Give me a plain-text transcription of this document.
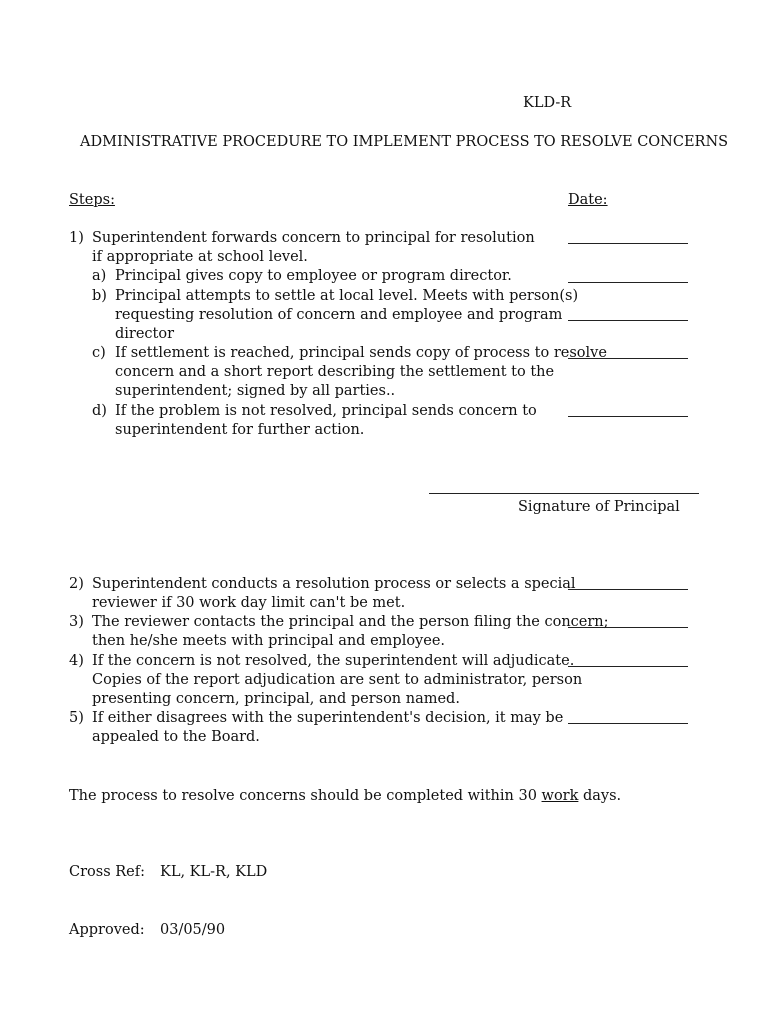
KLD-R

ADMINISTRATIVE PROCEDURE TO IMPLEMENT PROCESS TO RESOLVE CONCERNS

Steps:	Date:

1) Superintendent forwards concern to principal for resolution
if appropriate at school level.
a) Principal gives copy to employee or program director.
b) Principal attempts to settle at local level. Meets with person(s)
requesting resolution of concern and employee and program
director
c) If settlement is reached, principal sends copy of process to resolve
concern and a short report describing the settlement to the
superintendent; signed by all parties..
d) If the problem is not resolved, principal sends concern to
superintendent for further action.

Signature of Principal

2) Superintendent conducts a resolution process or selects a special
reviewer if 30 work day limit can't be met.
3) The reviewer contacts the principal and the person filing the concern;
then he/she meets with principal and employee.
4) If the concern is not resolved, the superintendent will adjudicate.
Copies of the report adjudication are sent to administrator, person
presenting concern, principal, and person named.
5) If either disagrees with the superintendent's decision, it may be
appealed to the Board.

The process to resolve concerns should be completed within 30 work days.

Cross Ref: KL, KL-R, KLD

Approved: 03/05/90
